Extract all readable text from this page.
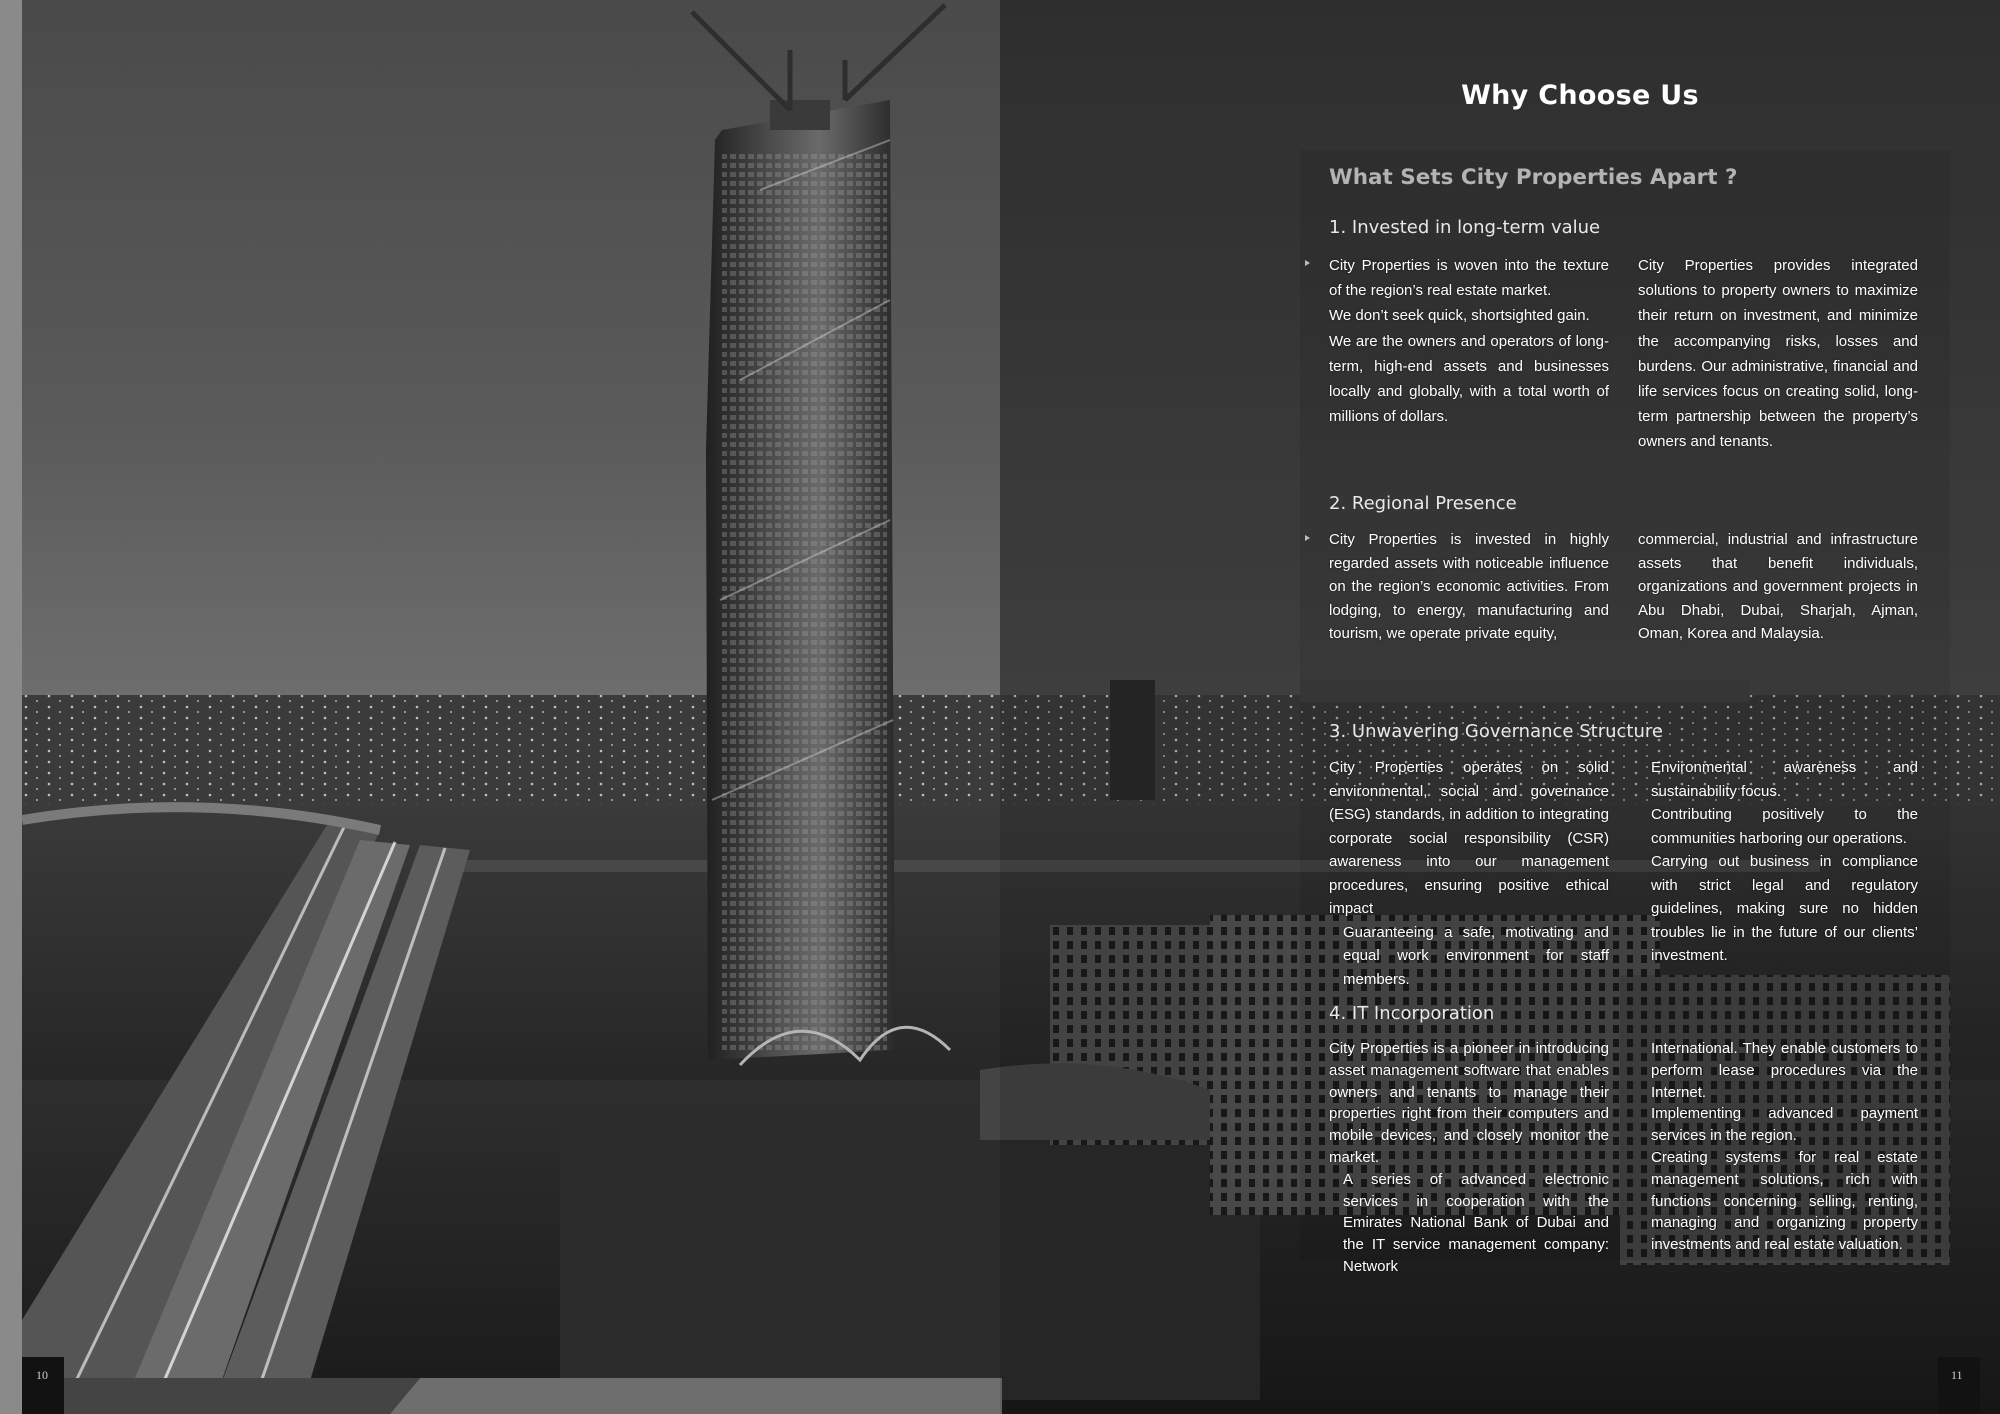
Why Choose Us
What Sets City Properties Apart ?
1. Invested in long-term value

City Properties is woven into the texture of the region’s real estate market.

We don’t seek quick, shortsighted gain.

We are the owners and operators of long-term, high-end assets and businesses locally and globally, with a total worth of millions of dollars.

City Properties provides integrated solutions to property owners to maximize their return on investment, and minimize the accompanying risks, losses and burdens. Our administrative, financial and life services focus on creating solid, long-term partnership between the property’s owners and tenants.

2. Regional Presence

City Properties is invested in highly regarded assets with noticeable influence on the region’s economic activities. From lodging, to energy, manufacturing and tourism, we operate private equity,

commercial, industrial and infrastructure assets that benefit individuals, organizations and government projects in Abu Dhabi, Dubai, Sharjah, Ajman, Oman, Korea and Malaysia.

3. Unwavering Governance Structure

City Properties operates on solid environmental, social and governance (ESG) standards, in addition to integrating corporate social responsibility (CSR) awareness into our management procedures, ensuring positive ethical impact

Guaranteeing a safe, motivating and equal work environment for staff members.

Environmental awareness and sustainability focus.

Contributing positively to the communities harboring our operations.

Carrying out business in compliance with strict legal and regulatory guidelines, making sure no hidden troubles lie in the future of our clients’ investment.

4. IT Incorporation

City Properties is a pioneer in introducing asset management software that enables owners and tenants to manage their properties right from their computers and mobile devices, and closely monitor the market.

A series of advanced electronic services in cooperation with the Emirates National Bank of Dubai and the IT service management company: Network

International. They enable customers to perform lease procedures via the Internet.

Implementing advanced payment services in the region.

Creating systems for real estate management solutions, rich with functions concerning selling, renting, managing and organizing property investments and real estate valuation.

10	11
